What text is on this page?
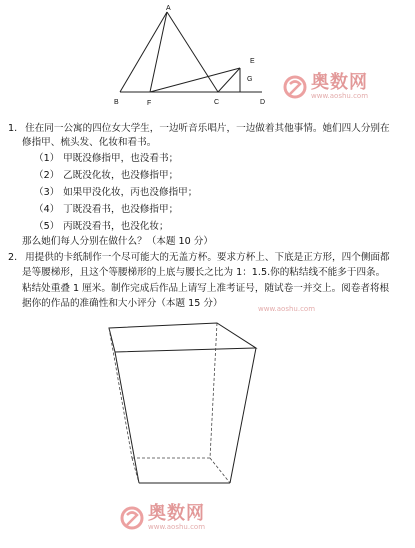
A
B	F	C	D
E
G	奥数网
www.aoshu.com
1. 住在同一公寓的四位女大学生，一边听音乐唱片，一边做着其他事情。她们四人分别在
修指甲、梳头发、化妆和看书。
（1） 甲既没修指甲，也没看书；
（2） 乙既没化妆，也没修指甲；
（3） 如果甲没化妆，丙也没修指甲；
（4） 丁既没看书，也没修指甲；
（5） 丙既没看书，也没化妆；
那么她们每人分别在做什么？（本题 10 分）
2. 用提供的卡纸制作一个尽可能大的无盖方杯。要求方杯上、下底是正方形，四个侧面都
是等腰梯形，且这个等腰梯形的上底与腰长之比为 1：1.5.你的粘结线不能多于四条。
粘结处重叠 1 厘米。制作完成后作品上请写上准考证号，随试卷一并交上。阅卷者将根
据你的作品的准确性和大小评分（本题 15 分）	www.aoshu.com
奥数网
www.aoshu.com
